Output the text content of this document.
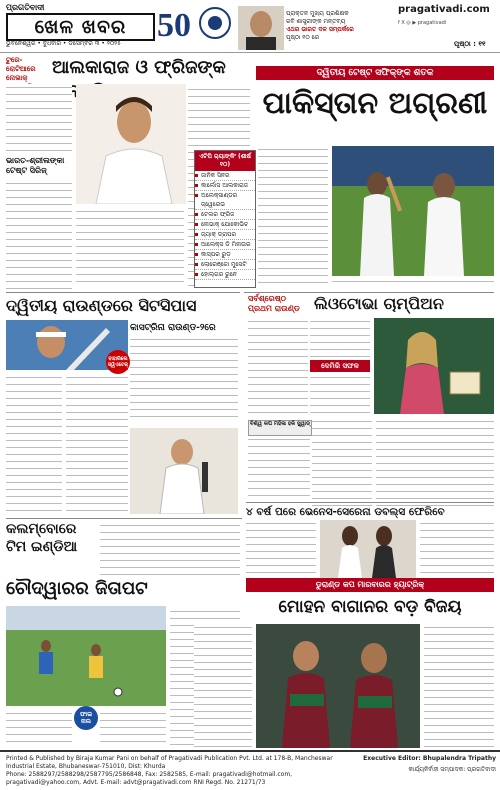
ପ୍ରଗତିବାଦୀ
ଖେଳ ଖବର 50
ଭୁବନେଶ୍ୱର • ବୁଧବାର • ଡିସେମ୍ବର ୩ • ୨୦୨୫
ପ୍ରାକ୍ତନ ମୁଖ୍ୟ ପ୍ରଶିକ୍ଷକ
ରବି ଶାସ୍ତ୍ରୀଙ୍କ ମନ୍ତବ୍ୟ
ଏଥର ଭାରତ ଦଳ ସମ୍ପର୍କରେ
ପୃଷ୍ଠା ୧୦ ରେ
pragativadi.com
f X ◎ ▶ pragativadi
ପୃଷ୍ଠା : ୧୧
ଟୁରେ-ରୋଟିଆରେ ନୋଭାକ୍	ଆଲକାରାଜ ଓ ଫ୍ରିଜଙ୍କ
ଭାରତ-ଶ୍ରୀଲଙ୍କା ଟେଷ୍ଟ ସିରିଜ୍
ଦ୍ୱିତୀୟ ଟେଷ୍ଟ ସଫିକ୍‌ଙ୍କ ଶତକ
ପାକିସ୍ତାନ ଅଗ୍ରଣୀ
ଏଟିପି ର‍୍ୟାଙ୍କିଂ (ଶୀର୍ଷ ୧୦)
ଜାନିକ ସିନର
କାର୍ଲୋସ ଆଲକାରାଜ
ଅଲେକ୍ସାଣ୍ଡର ଜ୍ୱେରେଭ
ଟେଲର ଫ୍ରିଜ
ନୋଭାକ୍ ଯୋକୋଭିଚ
ଜ୍ୟାକ୍ ଡ୍ରାପର
ଆଲେକ୍ସ ଡି ମିନାଉର
କାସ୍ପର ରୁଡ଼
ଲୋରେଞ୍ଜୋ ମୁସେଟି
ହୋଲ୍ଗର ରୁନେ
ଦ୍ୱିତୀୟ ରାଉଣ୍ଡରେ ସିଟସିପାସ
କାସଟ୍ରିନା ରାଉଣ୍ଡ-୨ରେ
ବାହାରିଲେ ସ୍ୱିଏଟେକ୍
ସର୍ବଶ୍ରେଷ୍ଠ ପ୍ରଥମ ରାଉଣ୍ଡ ଲିଓଟୋଭା ଚାମ୍ପିଅନ
ଦେମିରି ସଫଳ
ବିଶ୍ୱ କପ ମହିଳା ହକି ସ୍କ୍ୱାଡ୍
୪ ବର୍ଷ ପରେ ଭେନେସ-ସେରେନା ଡବଲ୍ସ ଫେରିବେ
କଲମ୍ବୋରେ ଟିମ ଇଣ୍ଡିଆ
ଚୌଦ୍ୱାରର ଜିତାପଟ
ଫାଇ ନାଲ
ଡୁରାଣ୍ଡ କପ ମାରବାରର ହ୍ୟାଟ୍ରିକ୍
ମୋହନ ବାଗାନର ବଡ଼ ବିଜୟ
Printed & Published by Biraja Kumar Pani on behalf of Pragativadi Publication Pvt. Ltd. at 178-B, Mancheswar Industrial Estate, Bhubaneswar-751010, Dist: Khurda
Phone: 2588297/2588298/2587795/2586848, Fax: 2582585, E-mail: pragativadi@hotmail.com, pragativadi@yahoo.com, Advt. E-mail: advt@pragativadi.com RNI Regd. No. 21271/73
Executive Editor: Bhupalendra Tripathy
କାର୍ଯ୍ୟନିର୍ବାହୀ ସମ୍ପାଦକ: ପ୍ରଗତିବାଦୀ
